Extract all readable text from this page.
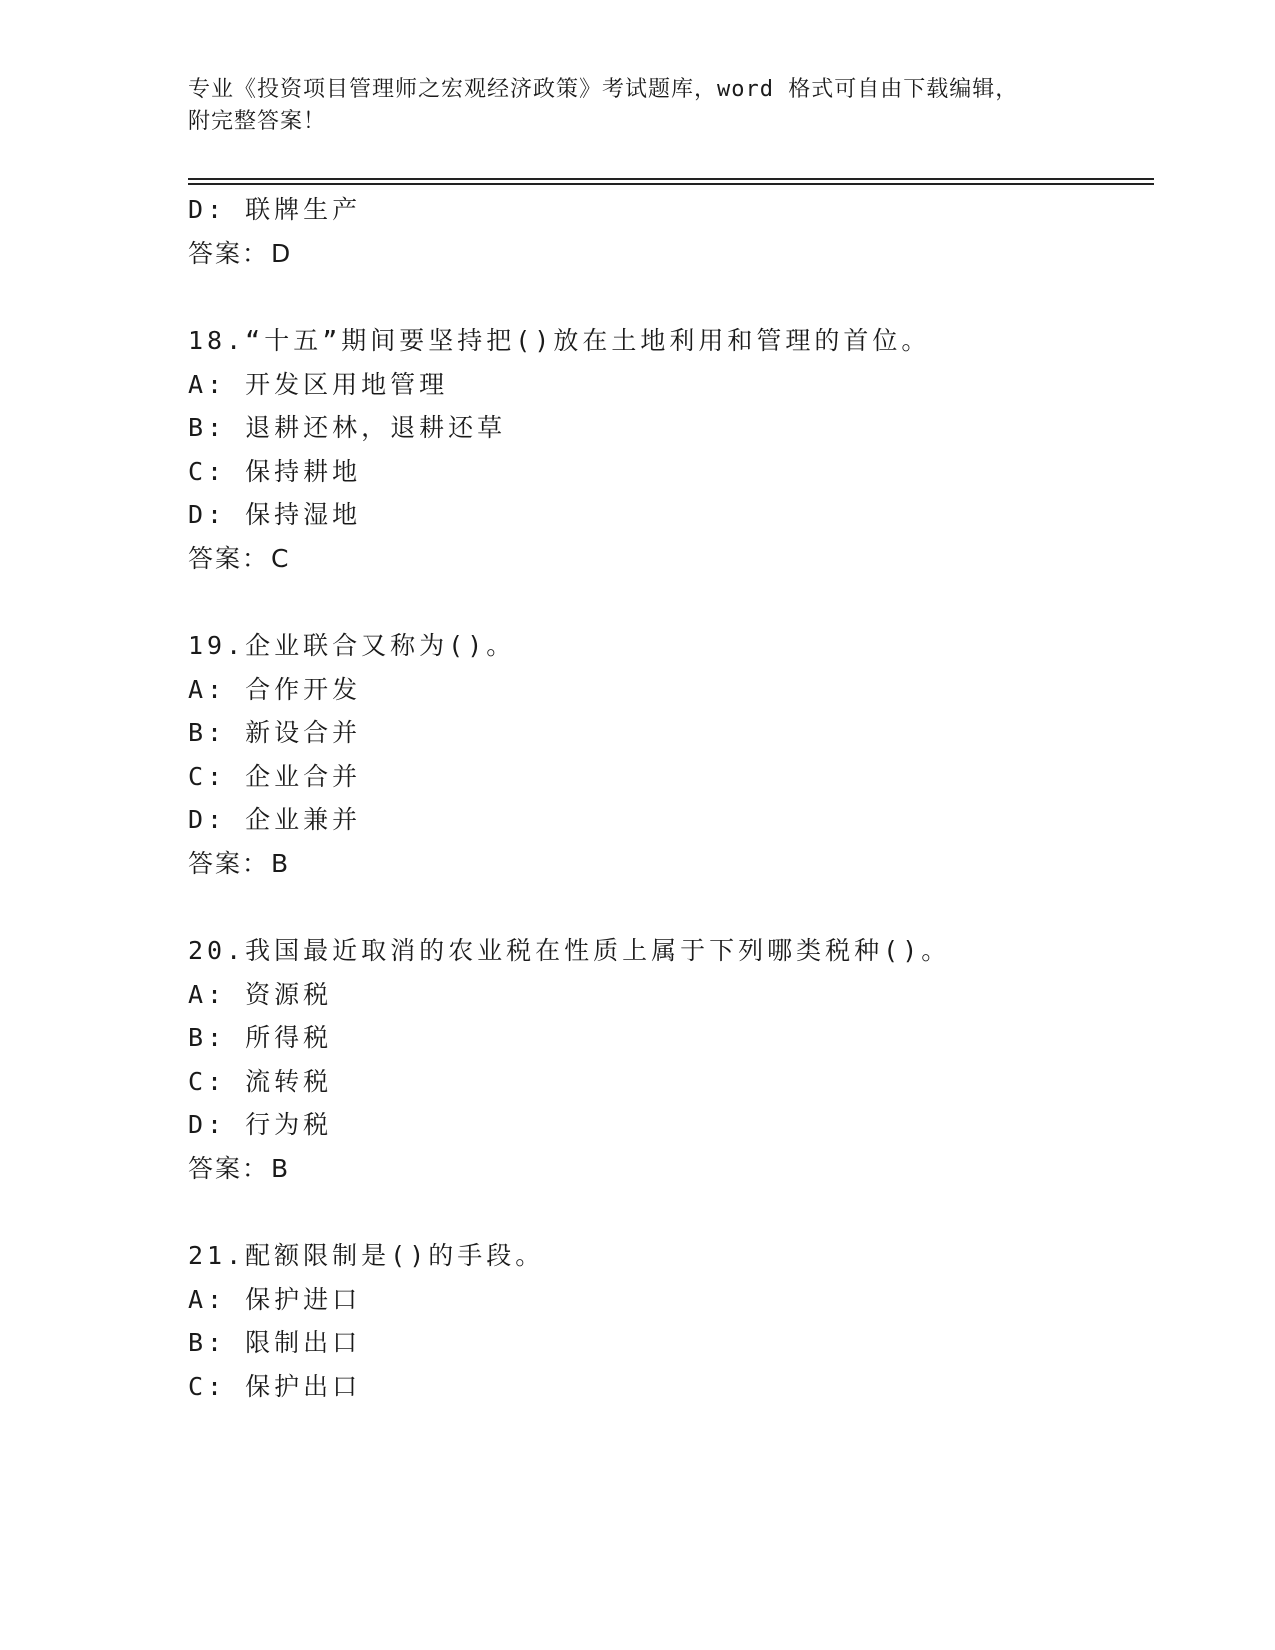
专业《投资项目管理师之宏观经济政策》考试题库，word 格式可自由下载编辑，
附完整答案！
D: 联牌生产
答案：D
18.“十五”期间要坚持把()放在土地利用和管理的首位。
A: 开发区用地管理
B: 退耕还林，退耕还草
C: 保持耕地
D: 保持湿地
答案：C
19.企业联合又称为()。
A: 合作开发
B: 新设合并
C: 企业合并
D: 企业兼并
答案：B
20.我国最近取消的农业税在性质上属于下列哪类税种()。
A: 资源税
B: 所得税
C: 流转税
D: 行为税
答案：B
21.配额限制是()的手段。
A: 保护进口
B: 限制出口
C: 保护出口
